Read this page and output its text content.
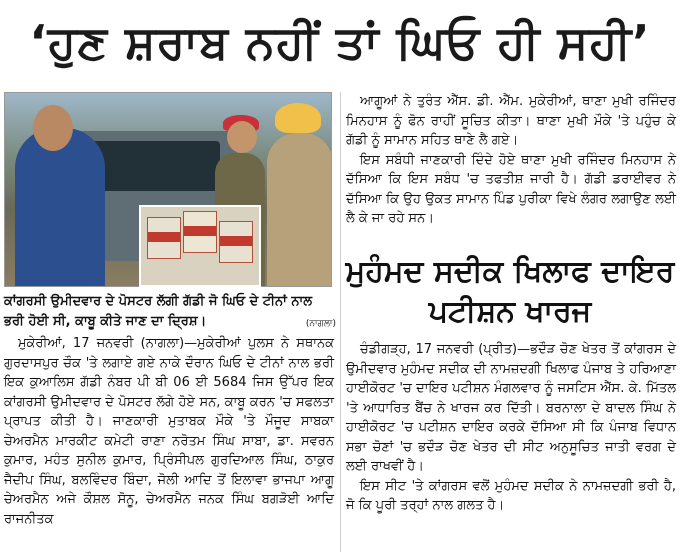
‘ਹੁਣ ਸ਼ਰਾਬ ਨਹੀਂ ਤਾਂ ਘਿਓ ਹੀ ਸਹੀ’
ਕਾਂਗਰਸੀ ਉਮੀਦਵਾਰ ਦੇ ਪੋਸਟਰ ਲੱਗੀ ਗੱਡੀ ਜੋ ਘਿਓ ਦੇ ਟੀਨਾਂ ਨਾਲ ਭਰੀ ਹੋਈ ਸੀ, ਕਾਬੂ ਕੀਤੇ ਜਾਣ ਦਾ ਦ੍ਰਿਸ਼।	(ਨਾਗਲਾ)

ਮੁਕੇਰੀਆਂ, 17 ਜਨਵਰੀ (ਨਾਗਲਾ)—ਮੁਕੇਰੀਆਂ ਪੁਲਸ ਨੇ ਸਥਾਨਕ ਗੁਰਦਾਸਪੁਰ ਚੌਕ 'ਤੇ ਲਗਾਏ ਗਏ ਨਾਕੇ ਦੌਰਾਨ ਘਿਓ ਦੇ ਟੀਨਾਂ ਨਾਲ ਭਰੀ ਇਕ ਕੁਆਲਿਸ ਗੱਡੀ ਨੰਬਰ ਪੀ ਬੀ 06 ਈ 5684 ਜਿਸ ਉੱਪਰ ਇਕ ਕਾਂਗਰਸੀ ਉਮੀਦਵਾਰ ਦੇ ਪੋਸਟਰ ਲੱਗੇ ਹੋਏ ਸਨ, ਕਾਬੂ ਕਰਨ 'ਚ ਸਫਲਤਾ ਪ੍ਰਾਪਤ ਕੀਤੀ ਹੈ। ਜਾਣਕਾਰੀ ਮੁਤਾਬਕ ਮੌਕੇ 'ਤੇ ਮੌਜੂਦ ਸਾਬਕਾ ਚੇਅਰਮੈਨ ਮਾਰਕੀਟ ਕਮੇਟੀ ਰਾਣਾ ਨਰੋਤਮ ਸਿੰਘ ਸਾਬਾ, ਡਾ. ਸਵਰਨ ਕੁਮਾਰ, ਮਹੰਤ ਸੁਨੀਲ ਕੁਮਾਰ, ਪ੍ਰਿੰਸੀਪਲ ਗੁਰਦਿਆਲ ਸਿੰਘ, ਠਾਕੁਰ ਜੈਦੀਪ ਸਿੰਘ, ਬਲਵਿੰਦਰ ਬਿੰਦਾ, ਜੋਲੀ ਆਦਿ ਤੋਂ ਇਲਾਵਾ ਭਾਜਪਾ ਆਗੂ ਚੇਅਰਮੈਨ ਅਜੇ ਕੌਸ਼ਲ ਸੋਨੂ, ਚੇਅਰਮੈਨ ਜਨਕ ਸਿੰਘ ਬਗੜੋਈ ਆਦਿ ਰਾਜਨੀਤਕ

ਆਗੂਆਂ ਨੇ ਤੁਰੰਤ ਐੱਸ. ਡੀ. ਐੱਮ. ਮੁਕੇਰੀਆਂ, ਥਾਣਾ ਮੁਖੀ ਰਜਿੰਦਰ ਮਿਨਹਾਸ ਨੂੰ ਫੋਨ ਰਾਹੀਂ ਸੂਚਿਤ ਕੀਤਾ। ਥਾਣਾ ਮੁਖੀ ਮੌਕੇ 'ਤੇ ਪਹੁੰਚ ਕੇ ਗੱਡੀ ਨੂੰ ਸਾਮਾਨ ਸਹਿਤ ਥਾਣੇ ਲੈ ਗਏ।

ਇਸ ਸਬੰਧੀ ਜਾਣਕਾਰੀ ਦਿੰਦੇ ਹੋਏ ਥਾਣਾ ਮੁਖੀ ਰਜਿੰਦਰ ਮਿਨਹਾਸ ਨੇ ਦੱਸਿਆ ਕਿ ਇਸ ਸਬੰਧ 'ਚ ਤਫਤੀਸ਼ ਜਾਰੀ ਹੈ। ਗੱਡੀ ਡਰਾਈਵਰ ਨੇ ਦੱਸਿਆ ਕਿ ਉਹ ਉਕਤ ਸਾਮਾਨ ਪਿੰਡ ਪੁਰੀਕਾ ਵਿਖੇ ਲੰਗਰ ਲਗਾਉਣ ਲਈ ਲੈ ਕੇ ਜਾ ਰਹੇ ਸਨ।

ਮੁਹੰਮਦ ਸਦੀਕ ਖਿਲਾਫ ਦਾਇਰ ਪਟੀਸ਼ਨ ਖਾਰਜ

ਚੰਡੀਗੜ੍ਹ, 17 ਜਨਵਰੀ (ਪ੍ਰੀਤ)—ਭਦੌੜ ਚੋਣ ਖੇਤਰ ਤੋਂ ਕਾਂਗਰਸ ਦੇ ਉਮੀਦਵਾਰ ਮੁਹੰਮਦ ਸਦੀਕ ਦੀ ਨਾਮਜ਼ਦਗੀ ਖਿਲਾਫ ਪੰਜਾਬ ਤੇ ਹਰਿਆਣਾ ਹਾਈਕੋਰਟ 'ਚ ਦਾਇਰ ਪਟੀਸ਼ਨ ਮੰਗਲਵਾਰ ਨੂੰ ਜਸਟਿਸ ਐੱਸ. ਕੇ. ਮਿੱਤਲ 'ਤੇ ਆਧਾਰਿਤ ਬੈਂਚ ਨੇ ਖਾਰਜ ਕਰ ਦਿੱਤੀ। ਬਰਨਾਲਾ ਦੇ ਬਾਦਲ ਸਿੰਘ ਨੇ ਹਾਈਕੋਰਟ 'ਚ ਪਟੀਸ਼ਨ ਦਾਇਰ ਕਰਕੇ ਦੱਸਿਆ ਸੀ ਕਿ ਪੰਜਾਬ ਵਿਧਾਨ ਸਭਾ ਚੋਣਾਂ 'ਚ ਭਦੌੜ ਚੋਣ ਖੇਤਰ ਦੀ ਸੀਟ ਅਨੁਸੂਚਿਤ ਜਾਤੀ ਵਰਗ ਦੇ ਲਈ ਰਾਖਵੀਂ ਹੈ।

ਇਸ ਸੀਟ 'ਤੇ ਕਾਂਗਰਸ ਵਲੋਂ ਮੁਹੰਮਦ ਸਦੀਕ ਨੇ ਨਾਮਜ਼ਦਗੀ ਭਰੀ ਹੈ, ਜੋ ਕਿ ਪੂਰੀ ਤਰ੍ਹਾਂ ਨਾਲ ਗਲਤ ਹੈ।
